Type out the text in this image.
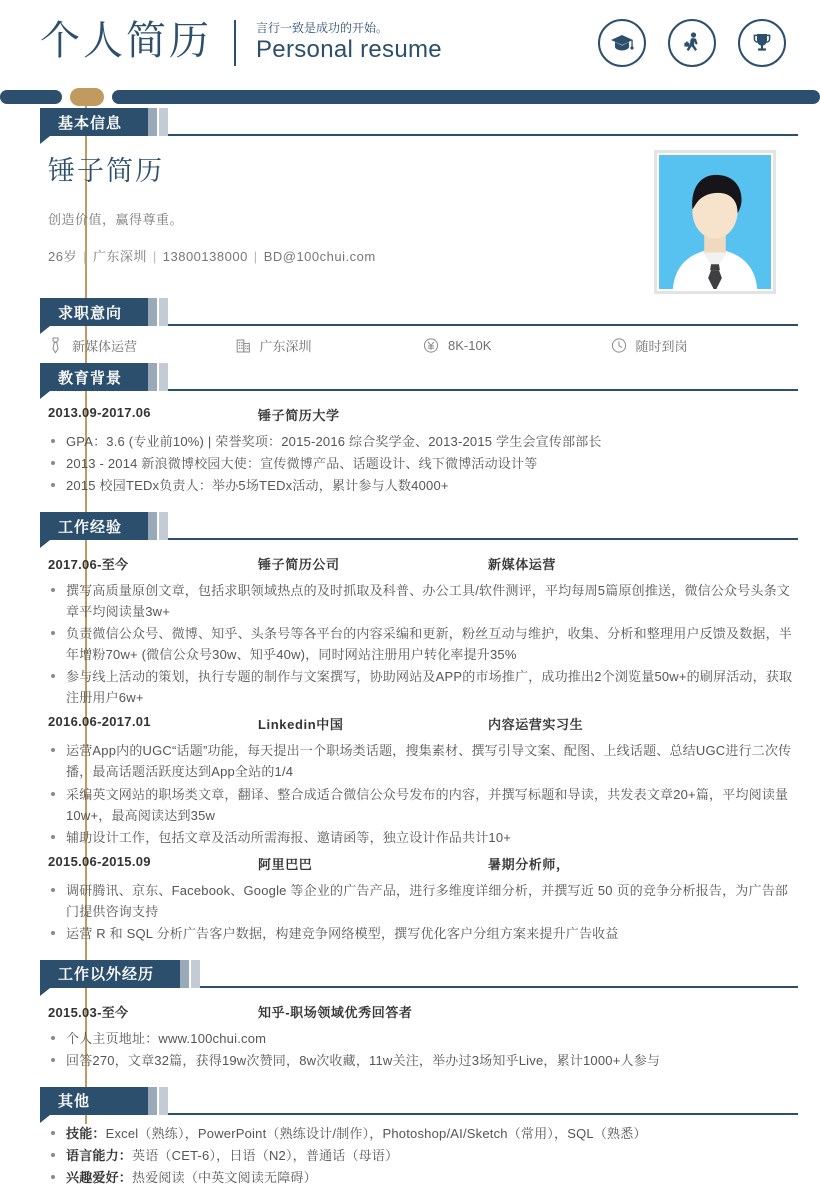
个人简历	言行一致是成功的开始。
Personal resume
基本信息
锤子简历
创造价值，赢得尊重。
26岁 | 广东深圳 | 13800138000 | BD@100chui.com
求职意向
新媒体运营	广东深圳	8K-10K	随时到岗
教育背景
2013.09-2017.06	锤子简历大学
GPA：3.6 (专业前10%) | 荣誉奖项：2015-2016 综合奖学金、2013-2015 学生会宣传部部长
2013 - 2014 新浪微博校园大使：宣传微博产品、话题设计、线下微博活动设计等
2015 校园TEDx负责人：举办5场TEDx活动，累计参与人数4000+
工作经验
2017.06-至今	锤子简历公司	新媒体运营
撰写高质量原创文章，包括求职领域热点的及时抓取及科普、办公工具/软件测评，平均每周5篇原创推送，微信公众号头条文章平均阅读量3w+
负责微信公众号、微博、知乎、头条号等各平台的内容采编和更新，粉丝互动与维护，收集、分析和整理用户反馈及数据，半年增粉70w+ (微信公众号30w、知乎40w)，同时网站注册用户转化率提升35%
参与线上活动的策划，执行专题的制作与文案撰写，协助网站及APP的市场推广，成功推出2个浏览量50w+的刷屏活动，获取注册用户6w+
2016.06-2017.01	Linkedin中国	内容运营实习生
运营App内的UGC“话题”功能，每天提出一个职场类话题，搜集素材、撰写引导文案、配图、上线话题、总结UGC进行二次传播，最高话题活跃度达到App全站的1/4
采编英文网站的职场类文章，翻译、整合成适合微信公众号发布的内容，并撰写标题和导读，共发表文章20+篇，平均阅读量10w+，最高阅读达到35w
辅助设计工作，包括文章及活动所需海报、邀请函等，独立设计作品共计10+
2015.06-2015.09	阿里巴巴	暑期分析师，
调研腾讯、京东、Facebook、Google 等企业的广告产品，进行多维度详细分析，并撰写近 50 页的竞争分析报告，为广告部门提供咨询支持
运营 R 和 SQL 分析广告客户数据，构建竞争网络模型，撰写优化客户分组方案来提升广告收益
工作以外经历
2015.03-至今	知乎-职场领域优秀回答者
个人主页地址：www.100chui.com
回答270，文章32篇，获得19w次赞同，8w次收藏，11w关注，举办过3场知乎Live，累计1000+人参与
其他
技能：Excel（熟练），PowerPoint（熟练设计/制作），Photoshop/AI/Sketch（常用），SQL（熟悉）
语言能力：英语（CET-6），日语（N2），普通话（母语）
兴趣爱好：热爱阅读（中英文阅读无障碍）
